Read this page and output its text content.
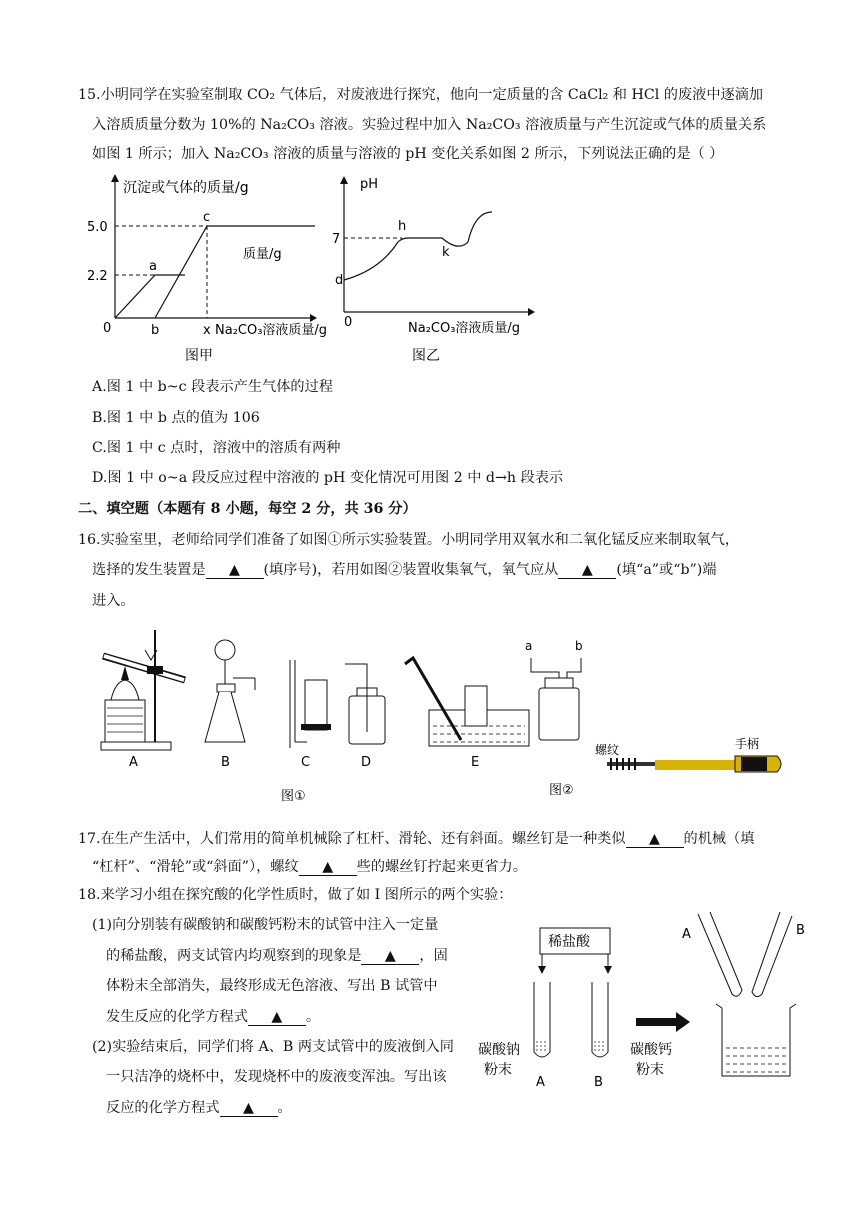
15.小明同学在实验室制取 CO₂ 气体后，对废液进行探究，他向一定质量的含 CaCl₂ 和 HCl 的废液中逐滴加
入溶质质量分数为 10%的 Na₂CO₃ 溶液。实验过程中加入 Na₂CO₃ 溶液质量与产生沉淀或气体的质量关系
如图 1 所示；加入 Na₂CO₃ 溶液的质量与溶液的 pH 变化关系如图 2 所示，下列说法正确的是（ ）
沉淀或气体的质量/g
5.0
2.2
0
a
b
c
x
质量/g
Na₂CO₃溶液质量/g
图甲
pH
7
0
d
h
k
Na₂CO₃溶液质量/g
图乙
A.图 1 中 b~c 段表示产生气体的过程
B.图 1 中 b 点的值为 106
C.图 1 中 c 点时，溶液中的溶质有两种
D.图 1 中 o~a 段反应过程中溶液的 pH 变化情况可用图 2 中 d→h 段表示
二、填空题（本题有 8 小题，每空 2 分，共 36 分）
16.实验室里，老师给同学们准备了如图①所示实验装置。小明同学用双氧水和二氧化锰反应来制取氧气，
选择的发生装置是 ▲ (填序号)，若用如图②装置收集氧气，氧气应从 ▲ (填“a”或“b”)端
进入。
A	B	C	D	E
a	b
图②
螺纹	手柄
图①
17.在生产生活中，人们常用的简单机械除了杠杆、滑轮、还有斜面。螺丝钉是一种类似 ▲ 的机械（填
“杠杆”、“滑轮”或“斜面”），螺纹 ▲ 些的螺丝钉拧起来更省力。
18.来学习小组在探究酸的化学性质时，做了如 I 图所示的两个实验：
(1)向分别装有碳酸钠和碳酸钙粉末的试管中注入一定量
的稀盐酸，两支试管内均观察到的现象是 ▲ ，固
体粉末全部消失，最终形成无色溶液、写出 B 试管中
发生反应的化学方程式 ▲ 。
(2)实验结束后，同学们将 A、B 两支试管中的废液倒入同
一只洁净的烧杯中，发现烧杯中的废液变浑浊。写出该
反应的化学方程式 ▲ 。
稀盐酸
碳酸钠
粉末
碳酸钙
粉末
A	B
A	B
